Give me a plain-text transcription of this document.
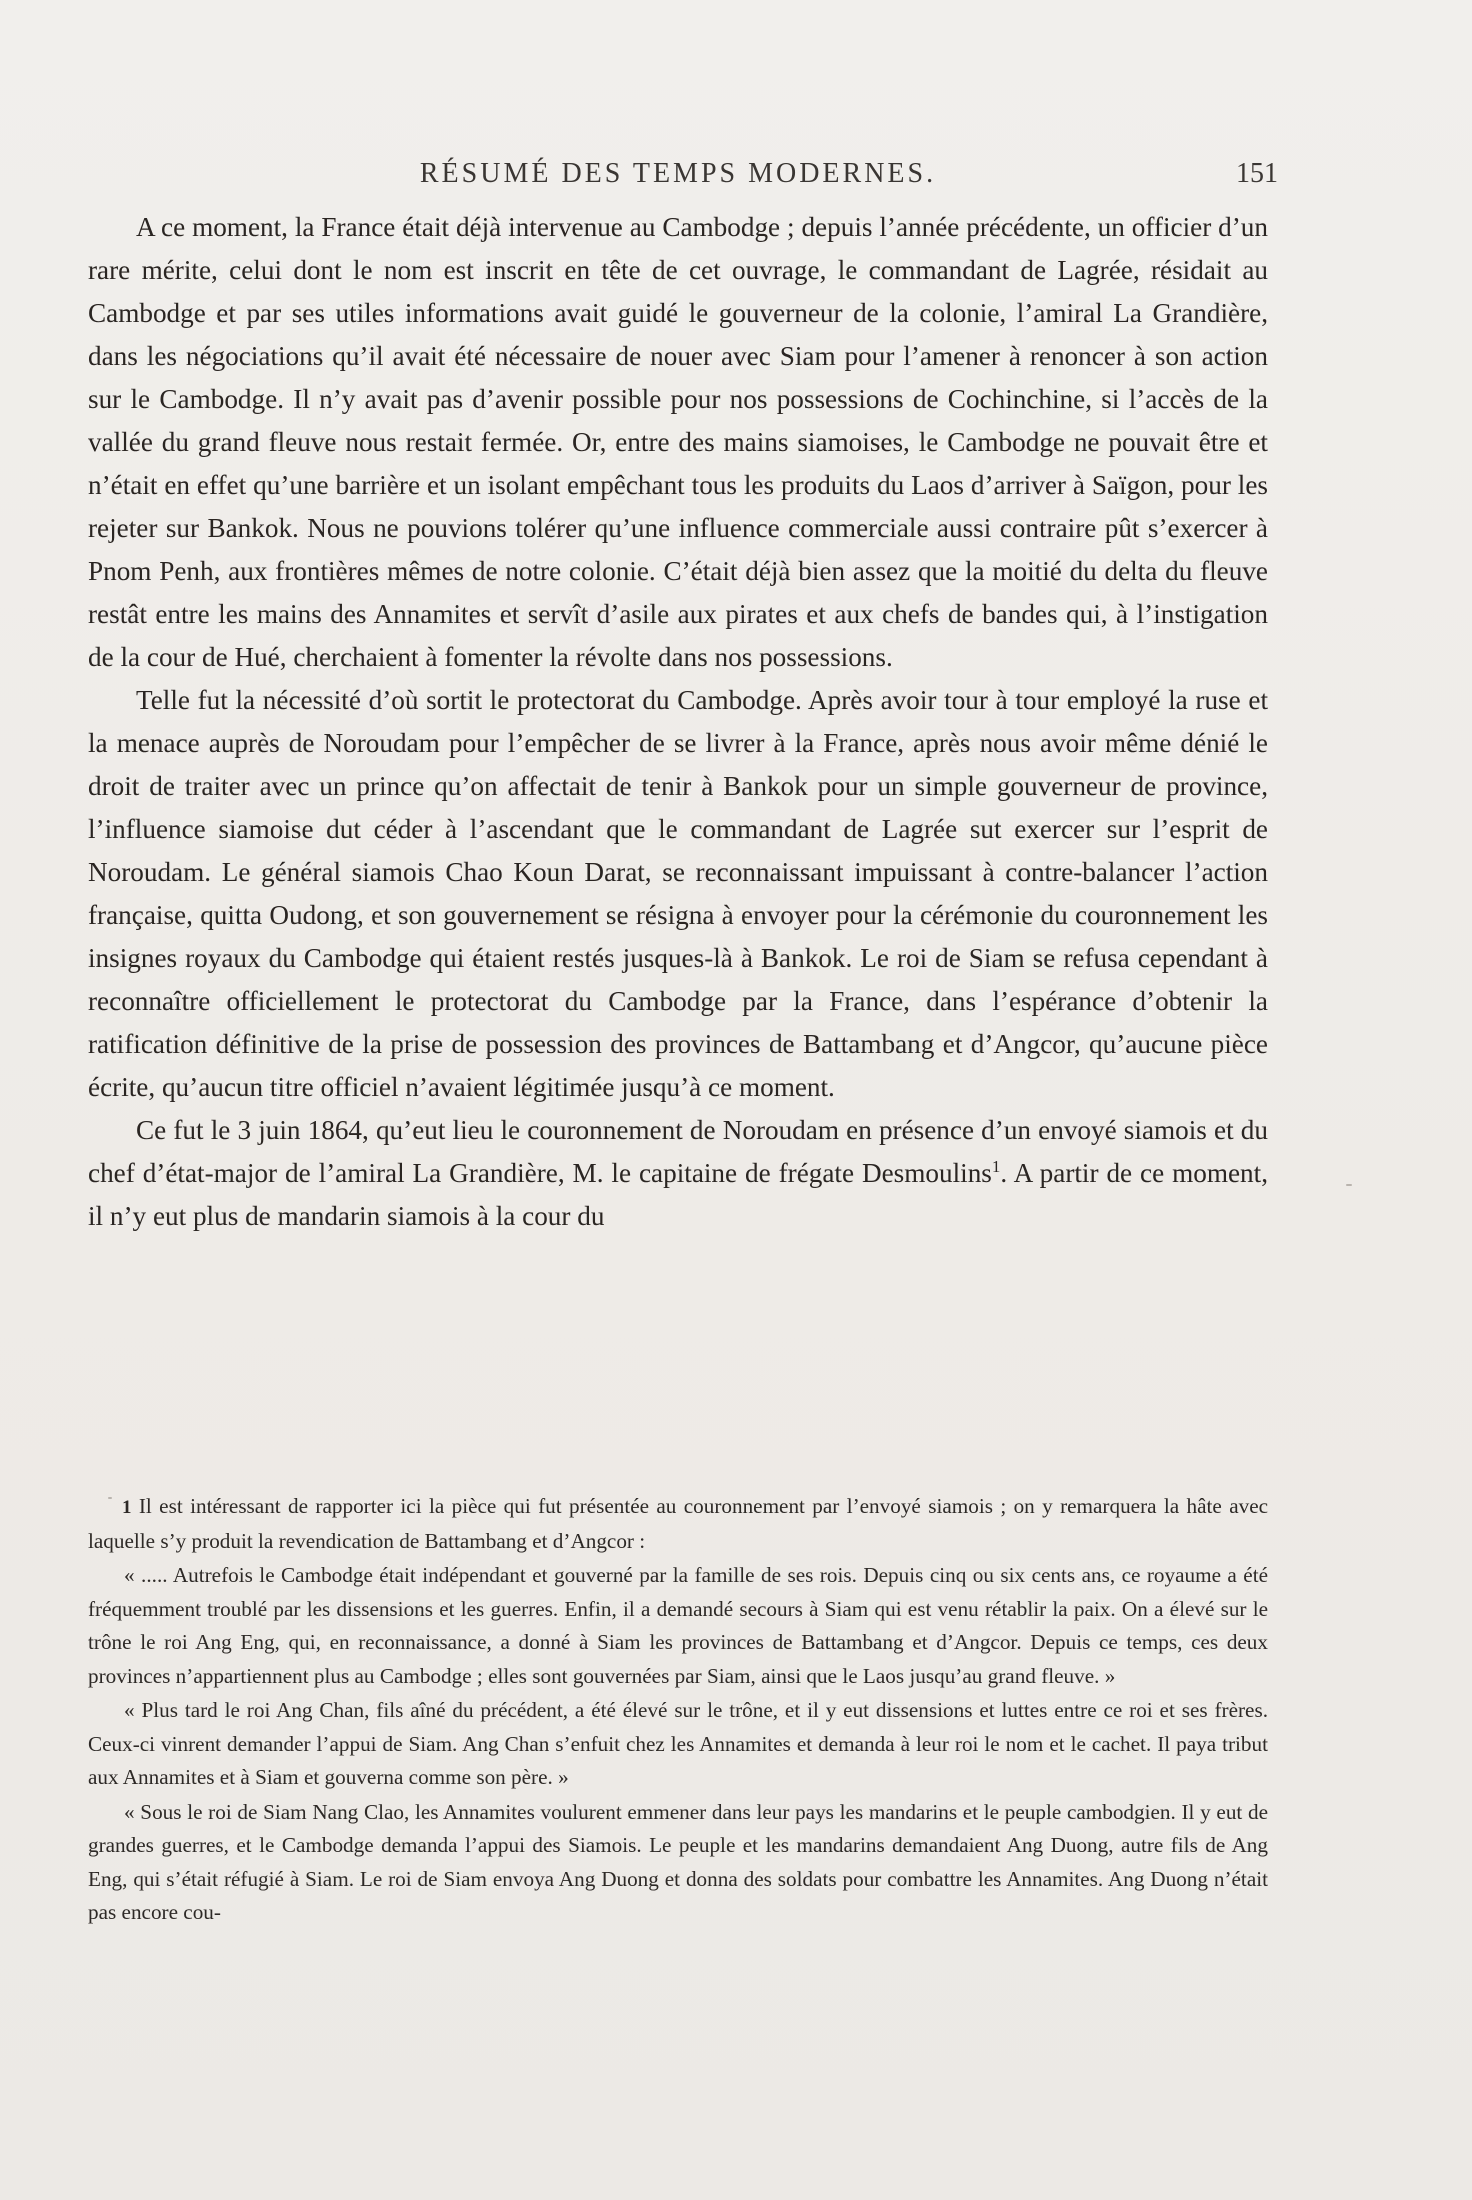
RÉSUMÉ DES TEMPS MODERNES.	151

A ce moment, la France était déjà intervenue au Cambodge ; depuis l’année précédente, un officier d’un rare mérite, celui dont le nom est inscrit en tête de cet ouvrage, le commandant de Lagrée, résidait au Cambodge et par ses utiles informations avait guidé le gouverneur de la colonie, l’amiral La Grandière, dans les négociations qu’il avait été nécessaire de nouer avec Siam pour l’amener à renoncer à son action sur le Cambodge. Il n’y avait pas d’avenir possible pour nos possessions de Cochinchine, si l’accès de la vallée du grand fleuve nous restait fermée. Or, entre des mains siamoises, le Cambodge ne pouvait être et n’était en effet qu’une barrière et un isolant empêchant tous les produits du Laos d’arriver à Saïgon, pour les rejeter sur Bankok. Nous ne pouvions tolérer qu’une influence commerciale aussi contraire pût s’exercer à Pnom Penh, aux frontières mêmes de notre colonie. C’était déjà bien assez que la moitié du delta du fleuve restât entre les mains des Annamites et servît d’asile aux pirates et aux chefs de bandes qui, à l’instigation de la cour de Hué, cherchaient à fomenter la révolte dans nos possessions.

Telle fut la nécessité d’où sortit le protectorat du Cambodge. Après avoir tour à tour employé la ruse et la menace auprès de Noroudam pour l’empêcher de se livrer à la France, après nous avoir même dénié le droit de traiter avec un prince qu’on affectait de tenir à Bankok pour un simple gouverneur de province, l’influence siamoise dut céder à l’ascendant que le commandant de Lagrée sut exercer sur l’esprit de Noroudam. Le général siamois Chao Koun Darat, se reconnaissant impuissant à contre-balancer l’action française, quitta Oudong, et son gouvernement se résigna à envoyer pour la cérémonie du couronnement les insignes royaux du Cambodge qui étaient restés jusques-là à Bankok. Le roi de Siam se refusa cependant à reconnaître officiellement le protectorat du Cambodge par la France, dans l’espérance d’obtenir la ratification définitive de la prise de possession des provinces de Battambang et d’Angcor, qu’aucune pièce écrite, qu’aucun titre officiel n’avaient légitimée jusqu’à ce moment.

Ce fut le 3 juin 1864, qu’eut lieu le couronnement de Noroudam en présence d’un envoyé siamois et du chef d’état-major de l’amiral La Grandière, M. le capitaine de frégate Desmoulins$^1$. A partir de ce moment, il n’y eut plus de mandarin siamois à la cour du

1 Il est intéressant de rapporter ici la pièce qui fut présentée au couronnement par l’envoyé siamois ; on y remarquera la hâte avec laquelle s’y produit la revendication de Battambang et d’Angcor :

« ..... Autrefois le Cambodge était indépendant et gouverné par la famille de ses rois. Depuis cinq ou six cents ans, ce royaume a été fréquemment troublé par les dissensions et les guerres. Enfin, il a demandé secours à Siam qui est venu rétablir la paix. On a élevé sur le trône le roi Ang Eng, qui, en reconnaissance, a donné à Siam les provinces de Battambang et d’Angcor. Depuis ce temps, ces deux provinces n’appartiennent plus au Cambodge ; elles sont gouvernées par Siam, ainsi que le Laos jusqu’au grand fleuve. »

« Plus tard le roi Ang Chan, fils aîné du précédent, a été élevé sur le trône, et il y eut dissensions et luttes entre ce roi et ses frères. Ceux-ci vinrent demander l’appui de Siam. Ang Chan s’enfuit chez les Annamites et demanda à leur roi le nom et le cachet. Il paya tribut aux Annamites et à Siam et gouverna comme son père. »

« Sous le roi de Siam Nang Clao, les Annamites voulurent emmener dans leur pays les mandarins et le peuple cambodgien. Il y eut de grandes guerres, et le Cambodge demanda l’appui des Siamois. Le peuple et les mandarins demandaient Ang Duong, autre fils de Ang Eng, qui s’était réfugié à Siam. Le roi de Siam envoya Ang Duong et donna des soldats pour combattre les Annamites. Ang Duong n’était pas encore cou-
